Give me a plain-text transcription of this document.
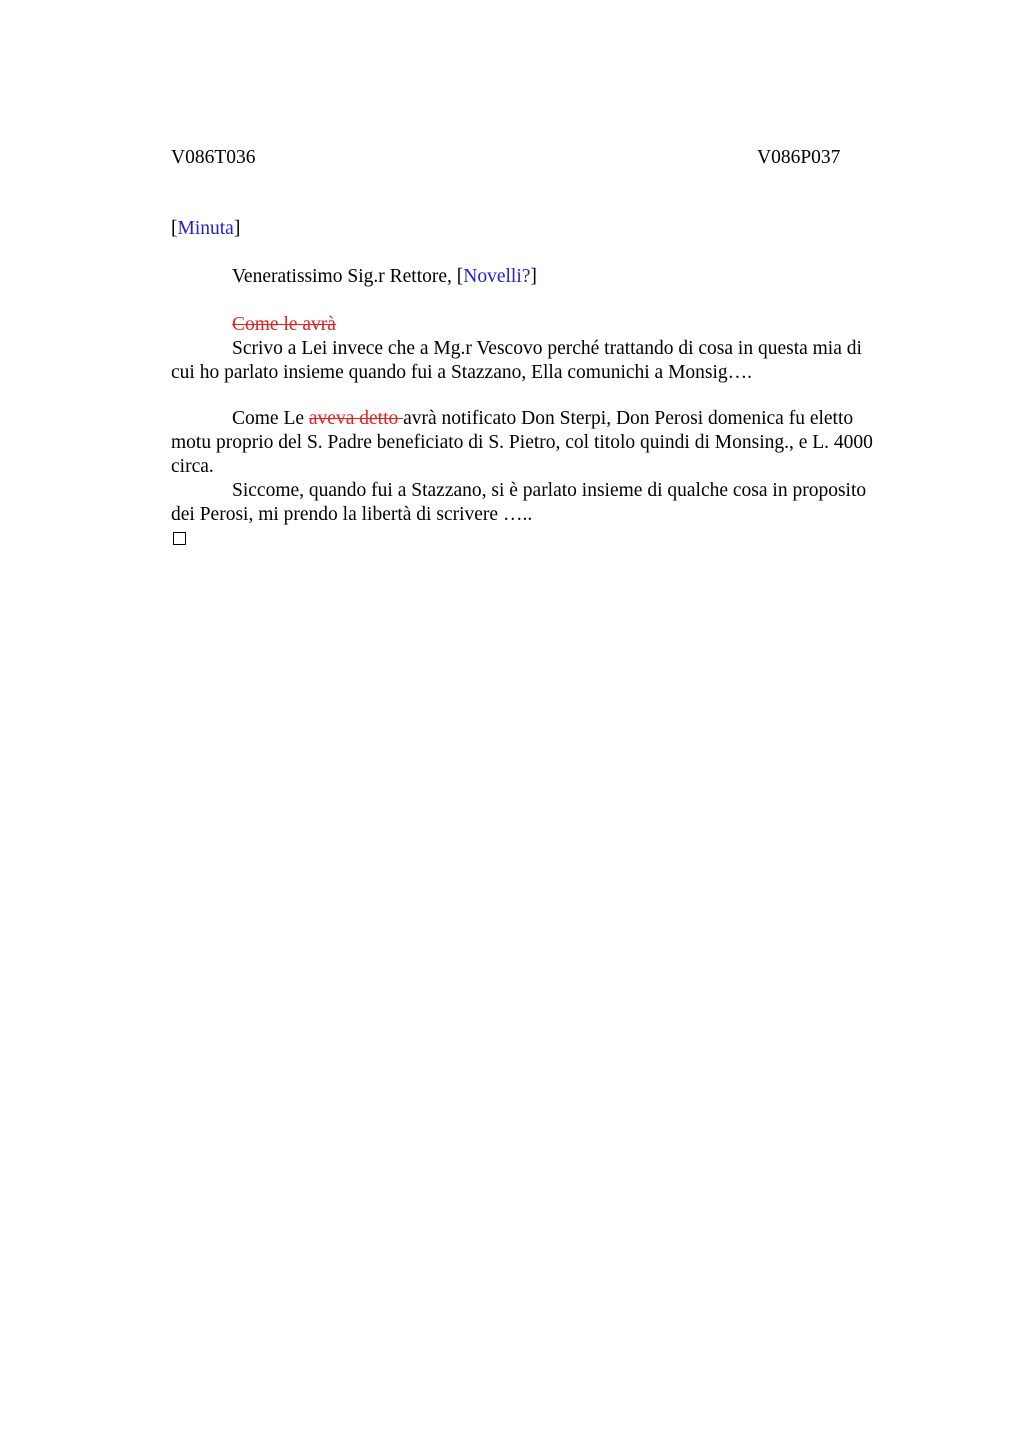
V086T036	V086P037
[Minuta]
Veneratissimo Sig.r Rettore, [Novelli?]
Come le avrà
Scrivo a Lei invece che a Mg.r Vescovo perché trattando di cosa in questa mia di
cui ho parlato insieme quando fui a Stazzano, Ella comunichi a Monsig….
Come Le aveva detto avrà notificato Don Sterpi, Don Perosi domenica fu eletto
motu proprio del S. Padre beneficiato di S. Pietro, col titolo quindi di Monsing., e L. 4000
circa.
Siccome, quando fui a Stazzano, si è parlato insieme di qualche cosa in proposito
dei Perosi, mi prendo la libertà di scrivere …..
